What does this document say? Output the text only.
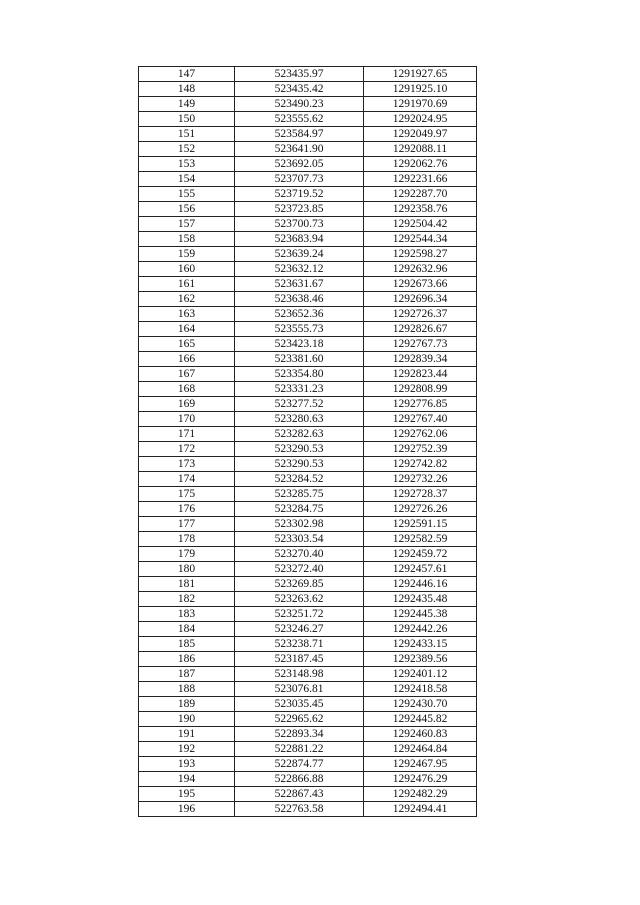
147	523435.97	1291927.65
148	523435.42	1291925.10
149	523490.23	1291970.69
150	523555.62	1292024.95
151	523584.97	1292049.97
152	523641.90	1292088.11
153	523692.05	1292062.76
154	523707.73	1292231.66
155	523719.52	1292287.70
156	523723.85	1292358.76
157	523700.73	1292504.42
158	523683.94	1292544.34
159	523639.24	1292598.27
160	523632.12	1292632.96
161	523631.67	1292673.66
162	523638.46	1292696.34
163	523652.36	1292726.37
164	523555.73	1292826.67
165	523423.18	1292767.73
166	523381.60	1292839.34
167	523354.80	1292823.44
168	523331.23	1292808.99
169	523277.52	1292776.85
170	523280.63	1292767.40
171	523282.63	1292762.06
172	523290.53	1292752.39
173	523290.53	1292742.82
174	523284.52	1292732.26
175	523285.75	1292728.37
176	523284.75	1292726.26
177	523302.98	1292591.15
178	523303.54	1292582.59
179	523270.40	1292459.72
180	523272.40	1292457.61
181	523269.85	1292446.16
182	523263.62	1292435.48
183	523251.72	1292445.38
184	523246.27	1292442.26
185	523238.71	1292433.15
186	523187.45	1292389.56
187	523148.98	1292401.12
188	523076.81	1292418.58
189	523035.45	1292430.70
190	522965.62	1292445.82
191	522893.34	1292460.83
192	522881.22	1292464.84
193	522874.77	1292467.95
194	522866.88	1292476.29
195	522867.43	1292482.29
196	522763.58	1292494.41
